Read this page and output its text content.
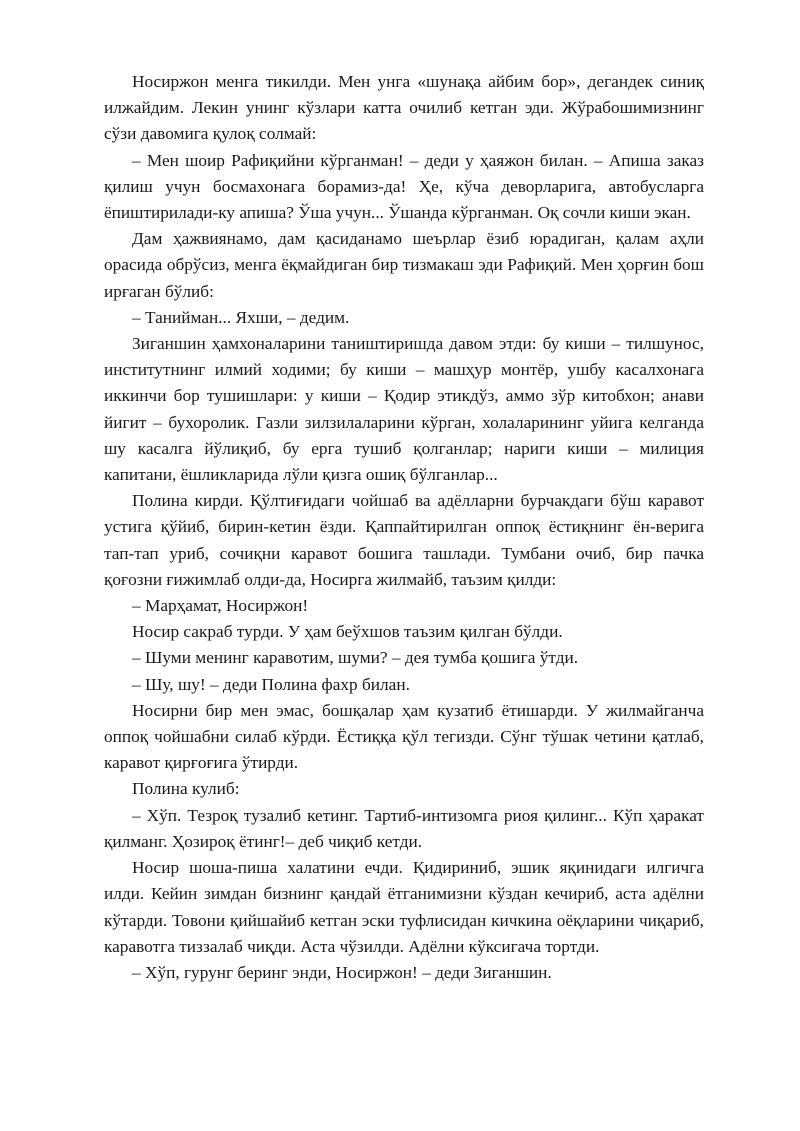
Носиржон менга тикилди. Мен унга «шунақа айбим бор», дегандек синиқ илжайдим. Лекин унинг кўзлари катта очилиб кетган эди. Жўрабошимизнинг сўзи давомига қулоқ солмай:

– Мен шоир Рафиқийни кўрганман! – деди у ҳаяжон билан. – Апиша заказ қилиш учун босмахонага борамиз-да! Ҳе, кўча деворларига, автобусларга ёпиштирилади-ку апиша? Ўша учун... Ўшанда кўрганман. Оқ сочли киши экан.

Дам ҳажвиянамо, дам қасиданамо шеърлар ёзиб юрадиган, қалам аҳли орасида обрўсиз, менга ёқмайдиган бир тизмакаш эди Рафиқий. Мен ҳорғин бош ирғаган бўлиб:

– Танийман... Яхши, – дедим.

Зиганшин ҳамхоналарини таништиришда давом этди: бу киши – тилшунос, институтнинг илмий ходими; бу киши – машҳур монтёр, ушбу касалхонага иккинчи бор тушишлари: у киши – Қодир этикдўз, аммо зўр китобхон; анави йигит – бухоролик. Газли зилзилаларини кўрган, холаларининг уйига келганда шу касалга йўлиқиб, бу ерга тушиб қолганлар; нариги киши – милиция капитани, ёшликларида лўли қизга ошиқ бўлганлар...

Полина кирди. Қўлтиғидаги чойшаб ва адёлларни бурчакдаги бўш каравот устига қўйиб, бирин-кетин ёзди. Қаппайтирилган оппоқ ёстиқнинг ён-верига тап-тап уриб, сочиқни каравот бошига ташлади. Тумбани очиб, бир пачка қоғозни ғижимлаб олди-да, Носирга жилмайб, таъзим қилди:

– Марҳамат, Носиржон!

Носир сакраб турди. У ҳам беўхшов таъзим қилган бўлди.

– Шуми менинг каравотим, шуми? – дея тумба қошига ўтди.

– Шу, шу! – деди Полина фахр билан.

Носирни бир мен эмас, бошқалар ҳам кузатиб ётишарди. У жилмайганча оппоқ чойшабни силаб кўрди. Ёстиққа қўл тегизди. Сўнг тўшак четини қатлаб, каравот қирғоғига ўтирди.

Полина кулиб:

– Хўп. Тезроқ тузалиб кетинг. Тартиб-интизомга риоя қилинг... Кўп ҳаракат қилманг. Ҳозироқ ётинг!– деб чиқиб кетди.

Носир шоша-пиша халатини ечди. Қидириниб, эшик яқинидаги илгичга илди. Кейин зимдан бизнинг қандай ётганимизни кўздан кечириб, аста адёлни кўтарди. Товони қийшайиб кетган эски туфлисидан кичкина оёқларини чиқариб, каравотга тиззалаб чиқди. Аста чўзилди. Адёлни кўксигача тортди.

– Хўп, гурунг беринг энди, Носиржон! – деди Зиганшин.
